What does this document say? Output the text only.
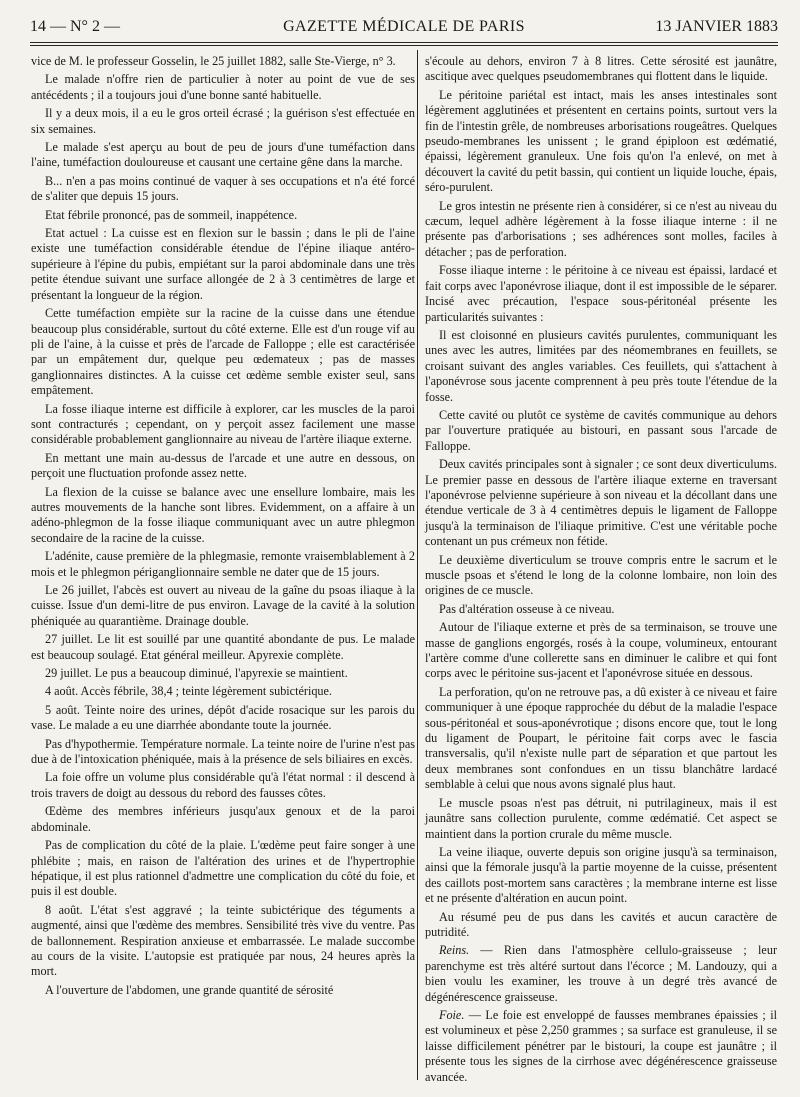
14 — N° 2 —	GAZETTE MÉDICALE DE PARIS	13 JANVIER 1883

vice de M. le professeur Gosselin, le 25 juillet 1882, salle Ste-Vierge, n° 3.

Le malade n'offre rien de particulier à noter au point de vue de ses antécédents ; il a toujours joui d'une bonne santé habituelle.

Il y a deux mois, il a eu le gros orteil écrasé ; la guérison s'est effectuée en six semaines.

Le malade s'est aperçu au bout de peu de jours d'une tuméfaction dans l'aine, tuméfaction douloureuse et causant une certaine gêne dans la marche.

B... n'en a pas moins continué de vaquer à ses occupations et n'a été forcé de s'aliter que depuis 15 jours.

Etat fébrile prononcé, pas de sommeil, inappétence.

Etat actuel : La cuisse est en flexion sur le bassin ; dans le pli de l'aine existe une tuméfaction considérable étendue de l'épine iliaque antéro-supérieure à l'épine du pubis, empiétant sur la paroi abdominale dans une très petite étendue suivant une surface allongée de 2 à 3 centimètres de large et présentant la longueur de la région.

Cette tuméfaction empiète sur la racine de la cuisse dans une étendue beaucoup plus considérable, surtout du côté externe. Elle est d'un rouge vif au pli de l'aine, à la cuisse et près de l'arcade de Falloppe ; elle est caractérisée par un empâtement dur, quelque peu œdemateux ; pas de masses ganglionnaires distinctes. A la cuisse cet œdème semble exister seul, sans empâtement.

La fosse iliaque interne est difficile à explorer, car les muscles de la paroi sont contracturés ; cependant, on y perçoit assez facilement une masse considérable probablement ganglionnaire au niveau de l'artère iliaque externe.

En mettant une main au-dessus de l'arcade et une autre en dessous, on perçoit une fluctuation profonde assez nette.

La flexion de la cuisse se balance avec une ensellure lombaire, mais les autres mouvements de la hanche sont libres. Evidemment, on a affaire à un adéno-phlegmon de la fosse iliaque communiquant avec un autre phlegmon secondaire de la racine de la cuisse.

L'adénite, cause première de la phlegmasie, remonte vraisemblablement à 2 mois et le phlegmon périganglionnaire semble ne dater que de 15 jours.

Le 26 juillet, l'abcès est ouvert au niveau de la gaîne du psoas iliaque à la cuisse. Issue d'un demi-litre de pus environ. Lavage de la cavité à la solution phéniquée au quarantième. Drainage double.

27 juillet. Le lit est souillé par une quantité abondante de pus. Le malade est beaucoup soulagé. Etat général meilleur. Apyrexie complète.

29 juillet. Le pus a beaucoup diminué, l'apyrexie se maintient.

4 août. Accès fébrile, 38,4 ; teinte légèrement subictérique.

5 août. Teinte noire des urines, dépôt d'acide rosacique sur les parois du vase. Le malade a eu une diarrhée abondante toute la journée.

Pas d'hypothermie. Température normale. La teinte noire de l'urine n'est pas due à de l'intoxication phéniquée, mais à la présence de sels biliaires en excès.

La foie offre un volume plus considérable qu'à l'état normal : il descend à trois travers de doigt au dessous du rebord des fausses côtes.

Œdème des membres inférieurs jusqu'aux genoux et de la paroi abdominale.

Pas de complication du côté de la plaie. L'œdème peut faire songer à une phlébite ; mais, en raison de l'altération des urines et de l'hypertrophie hépatique, il est plus rationnel d'admettre une complication du côté du foie, et puis il est double.

8 août. L'état s'est aggravé ; la teinte subictérique des téguments a augmenté, ainsi que l'œdème des membres. Sensibilité très vive du ventre. Pas de ballonnement. Respiration anxieuse et embarrassée. Le malade succombe au cours de la visite. L'autopsie est pratiquée par nous, 24 heures après la mort.

A l'ouverture de l'abdomen, une grande quantité de sérosité

s'écoule au dehors, environ 7 à 8 litres. Cette sérosité est jaunâtre, ascitique avec quelques pseudomembranes qui flottent dans le liquide.

Le péritoine pariétal est intact, mais les anses intestinales sont légèrement agglutinées et présentent en certains points, surtout vers la fin de l'intestin grêle, de nombreuses arborisations rougeâtres. Quelques pseudo-membranes les unissent ; le grand épiploon est œdématié, épaissi, légèrement granuleux. Une fois qu'on l'a enlevé, on met à découvert la cavité du petit bassin, qui contient un liquide louche, épais, séro-purulent.

Le gros intestin ne présente rien à considérer, si ce n'est au niveau du cæcum, lequel adhère légèrement à la fosse iliaque interne : il ne présente pas d'arborisations ; ses adhérences sont molles, faciles à détacher ; pas de perforation.

Fosse iliaque interne : le péritoine à ce niveau est épaissi, lardacé et fait corps avec l'aponévrose iliaque, dont il est impossible de le séparer. Incisé avec précaution, l'espace sous-péritonéal présente les particularités suivantes :

Il est cloisonné en plusieurs cavités purulentes, communiquant les unes avec les autres, limitées par des néomembranes en feuillets, se croisant suivant des angles variables. Ces feuillets, qui s'attachent à l'aponévrose sous jacente comprennent à peu près toute l'étendue de la fosse.

Cette cavité ou plutôt ce système de cavités communique au dehors par l'ouverture pratiquée au bistouri, en passant sous l'arcade de Falloppe.

Deux cavités principales sont à signaler ; ce sont deux diverticulums. Le premier passe en dessous de l'artère iliaque externe en traversant l'aponévrose pelvienne supérieure à son niveau et la décollant dans une étendue verticale de 3 à 4 centimètres depuis le ligament de Falloppe jusqu'à la terminaison de l'iliaque primitive. C'est une véritable poche contenant un pus crémeux non fétide.

Le deuxième diverticulum se trouve compris entre le sacrum et le muscle psoas et s'étend le long de la colonne lombaire, non loin des origines de ce muscle.

Pas d'altération osseuse à ce niveau.

Autour de l'iliaque externe et près de sa terminaison, se trouve une masse de ganglions engorgés, rosés à la coupe, volumineux, entourant l'artère comme d'une collerette sans en diminuer le calibre et qui font corps avec le péritoine sus-jacent et l'aponévrose située en dessous.

La perforation, qu'on ne retrouve pas, a dû exister à ce niveau et faire communiquer à une époque rapprochée du début de la maladie l'espace sous-péritonéal et sous-aponévrotique ; disons encore que, tout le long du ligament de Poupart, le péritoine fait corps avec le fascia transversalis, qu'il n'existe nulle part de séparation et que partout les deux membranes sont confondues en un tissu blanchâtre lardacé semblable à celui que nous avons signalé plus haut.

Le muscle psoas n'est pas détruit, ni putrilagineux, mais il est jaunâtre sans collection purulente, comme œdématié. Cet aspect se maintient dans la portion crurale du même muscle.

La veine iliaque, ouverte depuis son origine jusqu'à sa terminaison, ainsi que la fémorale jusqu'à la partie moyenne de la cuisse, présentent des caillots post-mortem sans caractères ; la membrane interne est lisse et ne présente d'altération en aucun point.

Au résumé peu de pus dans les cavités et aucun caractère de putridité.

Reins. — Rien dans l'atmosphère cellulo-graisseuse ; leur parenchyme est très altéré surtout dans l'écorce ; M. Landouzy, qui a bien voulu les examiner, les trouve à un degré très avancé de dégénérescence graisseuse.

Foie. — Le foie est enveloppé de fausses membranes épaissies ; il est volumineux et pèse 2,250 grammes ; sa surface est granuleuse, il se laisse difficilement pénétrer par le bistouri, la coupe est jaunâtre ; il présente tous les signes de la cirrhose avec dégénérescence graisseuse avancée.
